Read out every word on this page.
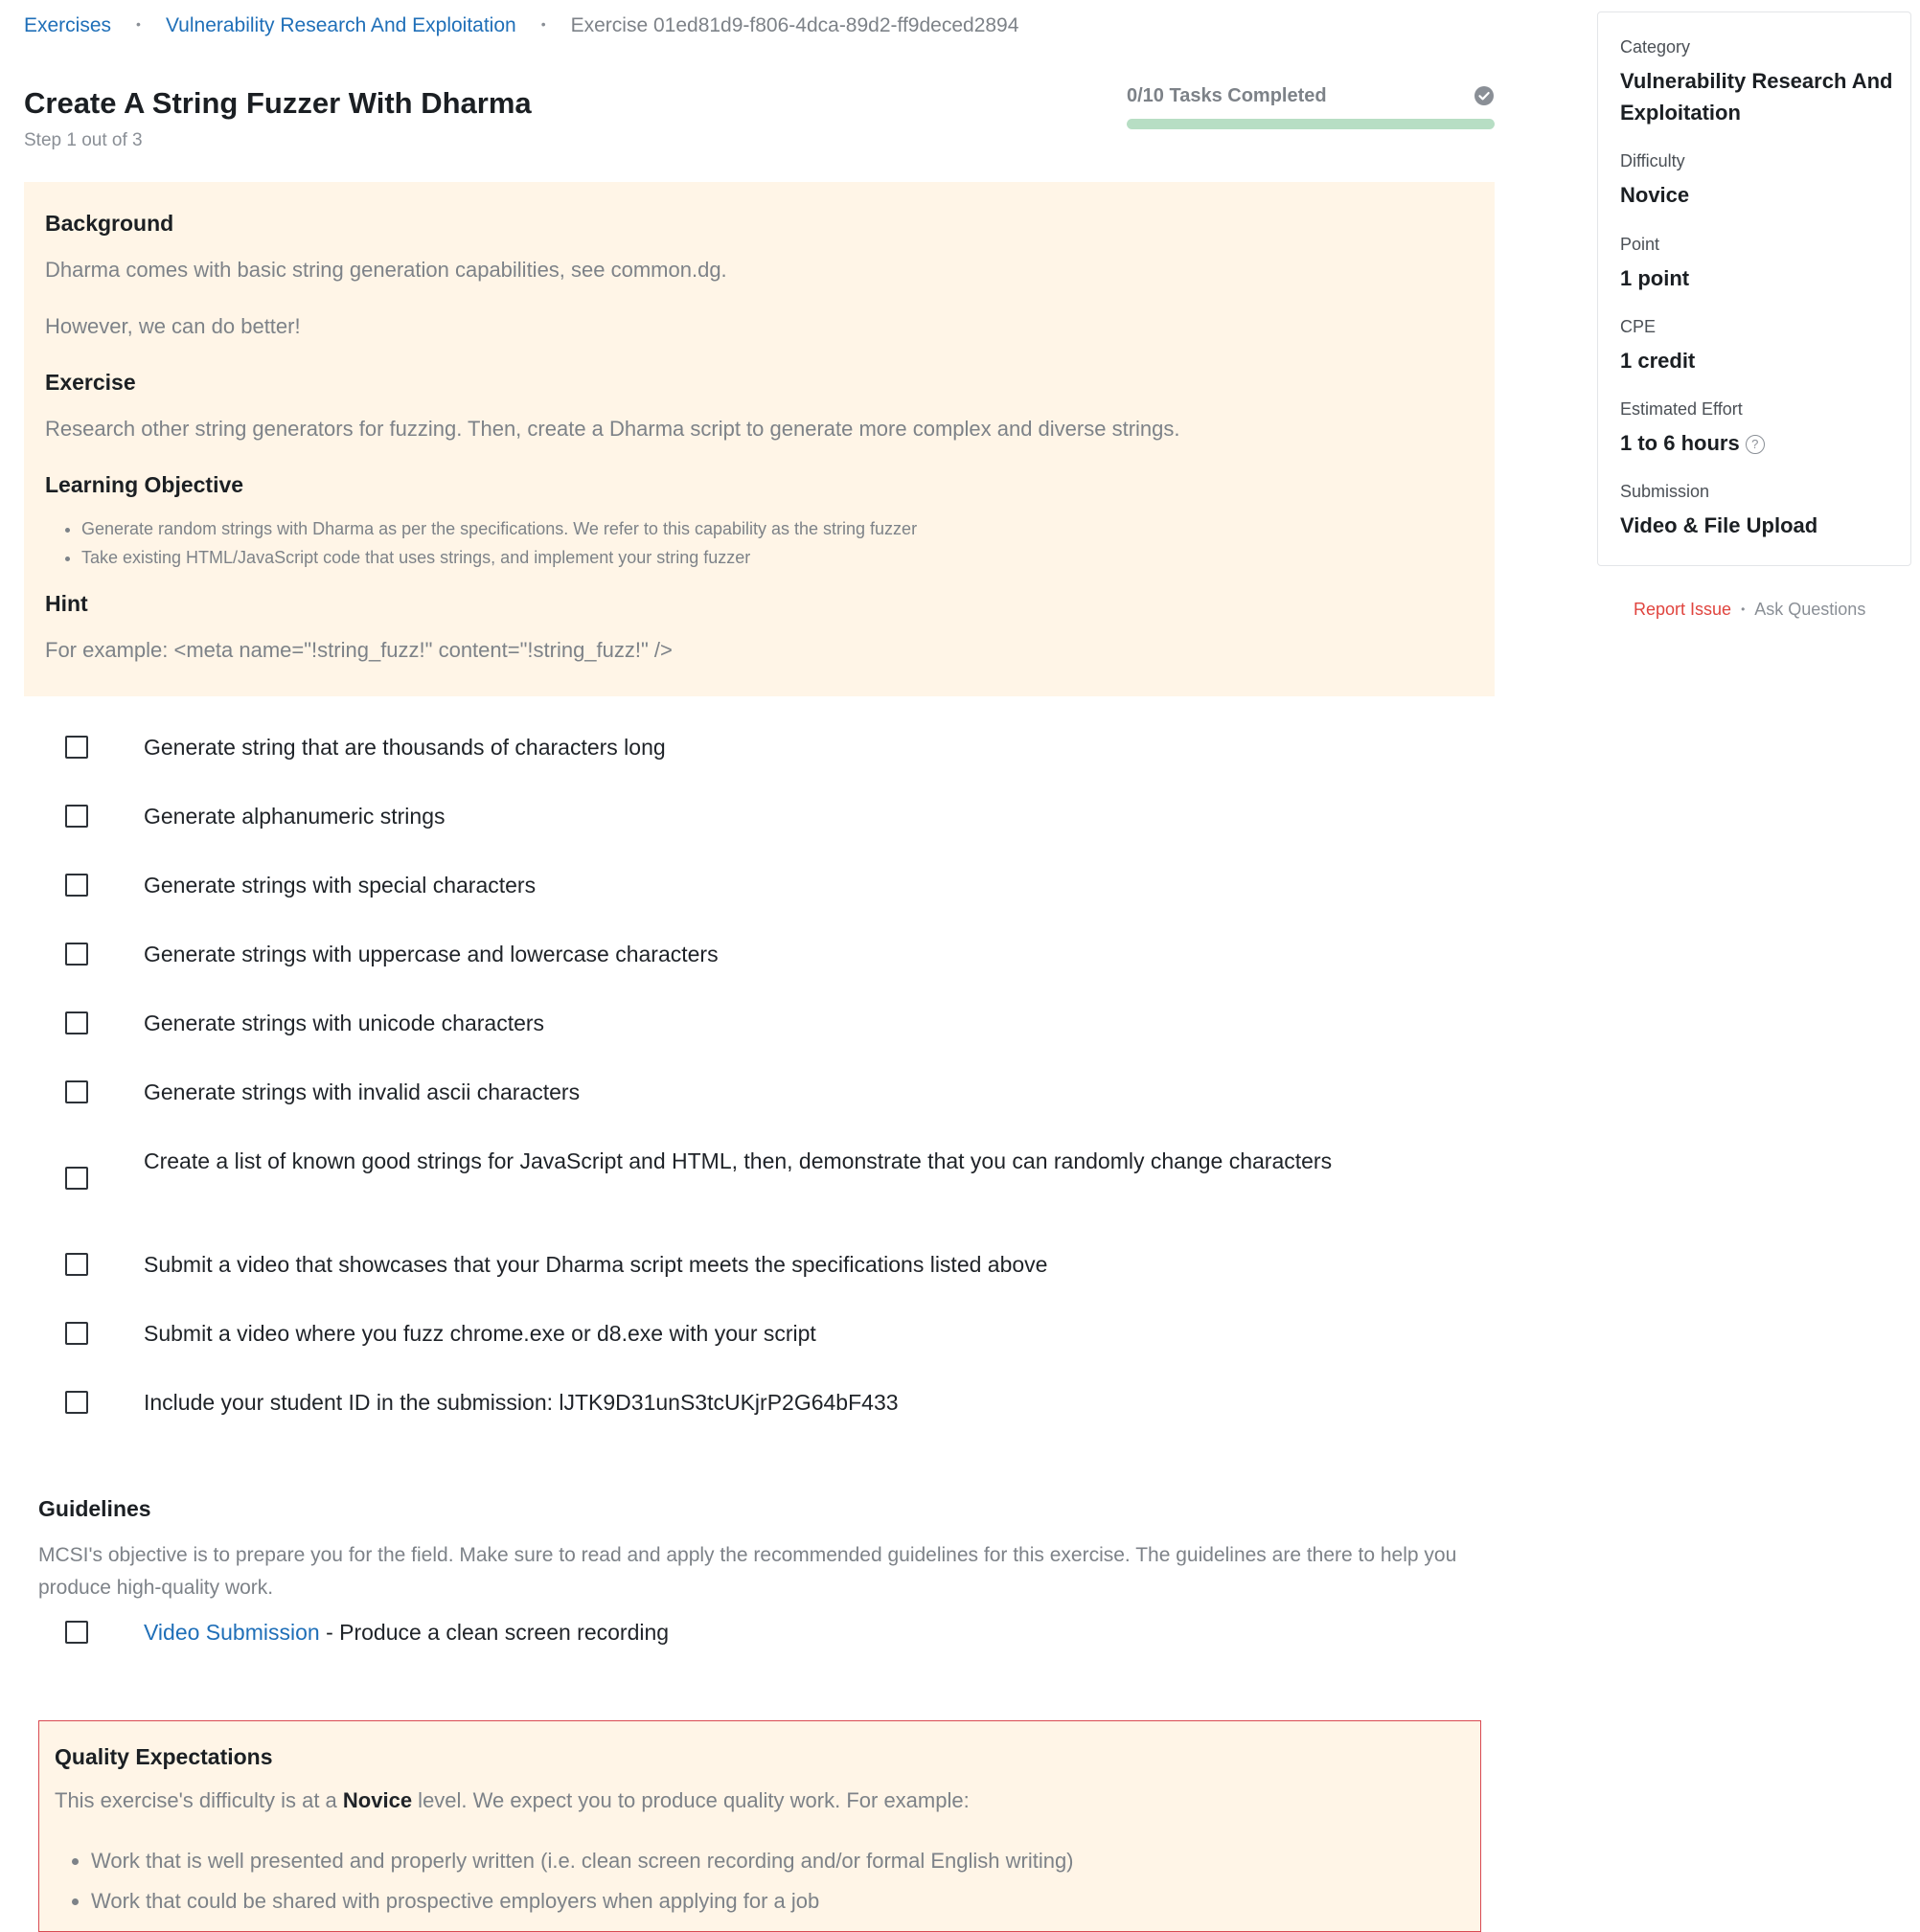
Exercises • Vulnerability Research And Exploitation • Exercise 01ed81d9-f806-4dca-89d2-ff9deced2894
Create A String Fuzzer With Dharma
Step 1 out of 3
0/10 Tasks Completed
Background

Dharma comes with basic string generation capabilities, see common.dg.

However, we can do better!

Exercise

Research other string generators for fuzzing. Then, create a Dharma script to generate more complex and diverse strings.

Learning Objective
• Generate random strings with Dharma as per the specifications. We refer to this capability as the string fuzzer
• Take existing HTML/JavaScript code that uses strings, and implement your string fuzzer
Hint

For example: <meta name="!string_fuzz!" content="!string_fuzz!" />

Generate string that are thousands of characters long
Generate alphanumeric strings
Generate strings with special characters
Generate strings with uppercase and lowercase characters
Generate strings with unicode characters
Generate strings with invalid ascii characters
Create a list of known good strings for JavaScript and HTML, then, demonstrate that you can randomly change characters
Submit a video that showcases that your Dharma script meets the specifications listed above
Submit a video where you fuzz chrome.exe or d8.exe with your script
Include your student ID in the submission: lJTK9D31unS3tcUKjrP2G64bF433
Guidelines

MCSI's objective is to prepare you for the field. Make sure to read and apply the recommended guidelines for this exercise. The guidelines are there to help you produce high-quality work.

Video Submission - Produce a clean screen recording
Quality Expectations

This exercise's difficulty is at a Novice level. We expect you to produce quality work. For example:

• Work that is well presented and properly written (i.e. clean screen recording and/or formal English writing)
• Work that could be shared with prospective employers when applying for a job
Category
Vulnerability Research And Exploitation
Difficulty
Novice
Point
1 point
CPE
1 credit
Estimated Effort
1 to 6 hours ?
Submission
Video & File Upload
Report Issue • Ask Questions
